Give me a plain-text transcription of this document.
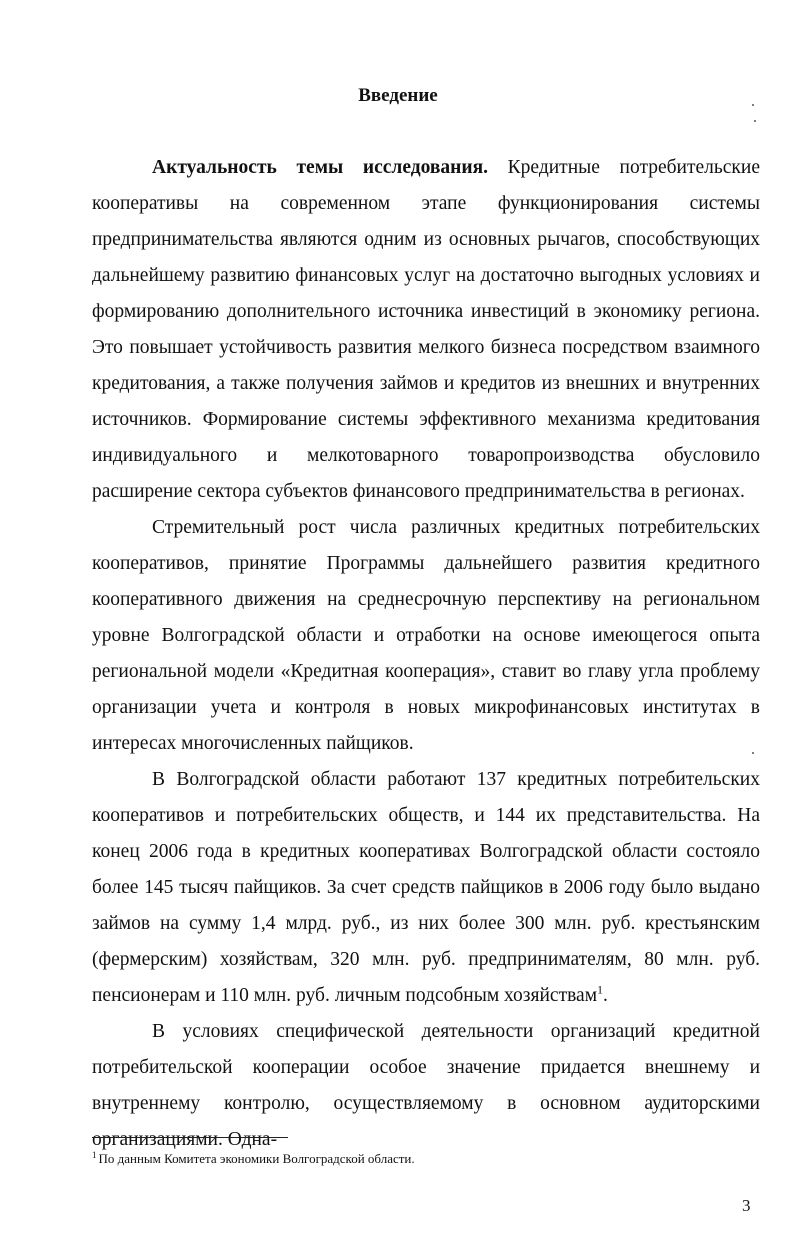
Введение

Актуальность темы исследования. Кредитные потребительские кооперативы на современном этапе функционирования системы предпринимательства являются одним из основных рычагов, способствующих дальнейшему развитию финансовых услуг на достаточно выгодных условиях и формированию дополнительного источника инвестиций в экономику региона. Это повышает устойчивость развития мелкого бизнеса посредством взаимного кредитования, а также получения займов и кредитов из внешних и внутренних источников. Формирование системы эффективного механизма кредитования индивидуального и мелкотоварного товаропроизводства обусловило расширение сектора субъектов финансового предпринимательства в регионах.

Стремительный рост числа различных кредитных потребительских кооперативов, принятие Программы дальнейшего развития кредитного кооперативного движения на среднесрочную перспективу на региональном уровне Волгоградской области и отработки на основе имеющегося опыта региональной модели «Кредитная кооперация», ставит во главу угла проблему организации учета и контроля в новых микрофинансовых институтах в интересах многочисленных пайщиков.

В Волгоградской области работают 137 кредитных потребительских кооперативов и потребительских обществ, и 144 их представительства. На конец 2006 года в кредитных кооперативах Волгоградской области состояло более 145 тысяч пайщиков. За счет средств пайщиков в 2006 году было выдано займов на сумму 1,4 млрд. руб., из них более 300 млн. руб. крестьянским (фермерским) хозяйствам, 320 млн. руб. предпринимателям, 80 млн. руб. пенсионерам и 110 млн. руб. личным подсобным хозяйствам$^1$.

В условиях специфической деятельности организаций кредитной потребительской кооперации особое значение придается внешнему и внутреннему контролю, осуществляемому в основном аудиторскими организациями. Одна-

$^1$ По данным Комитета экономики Волгоградской области.
3
